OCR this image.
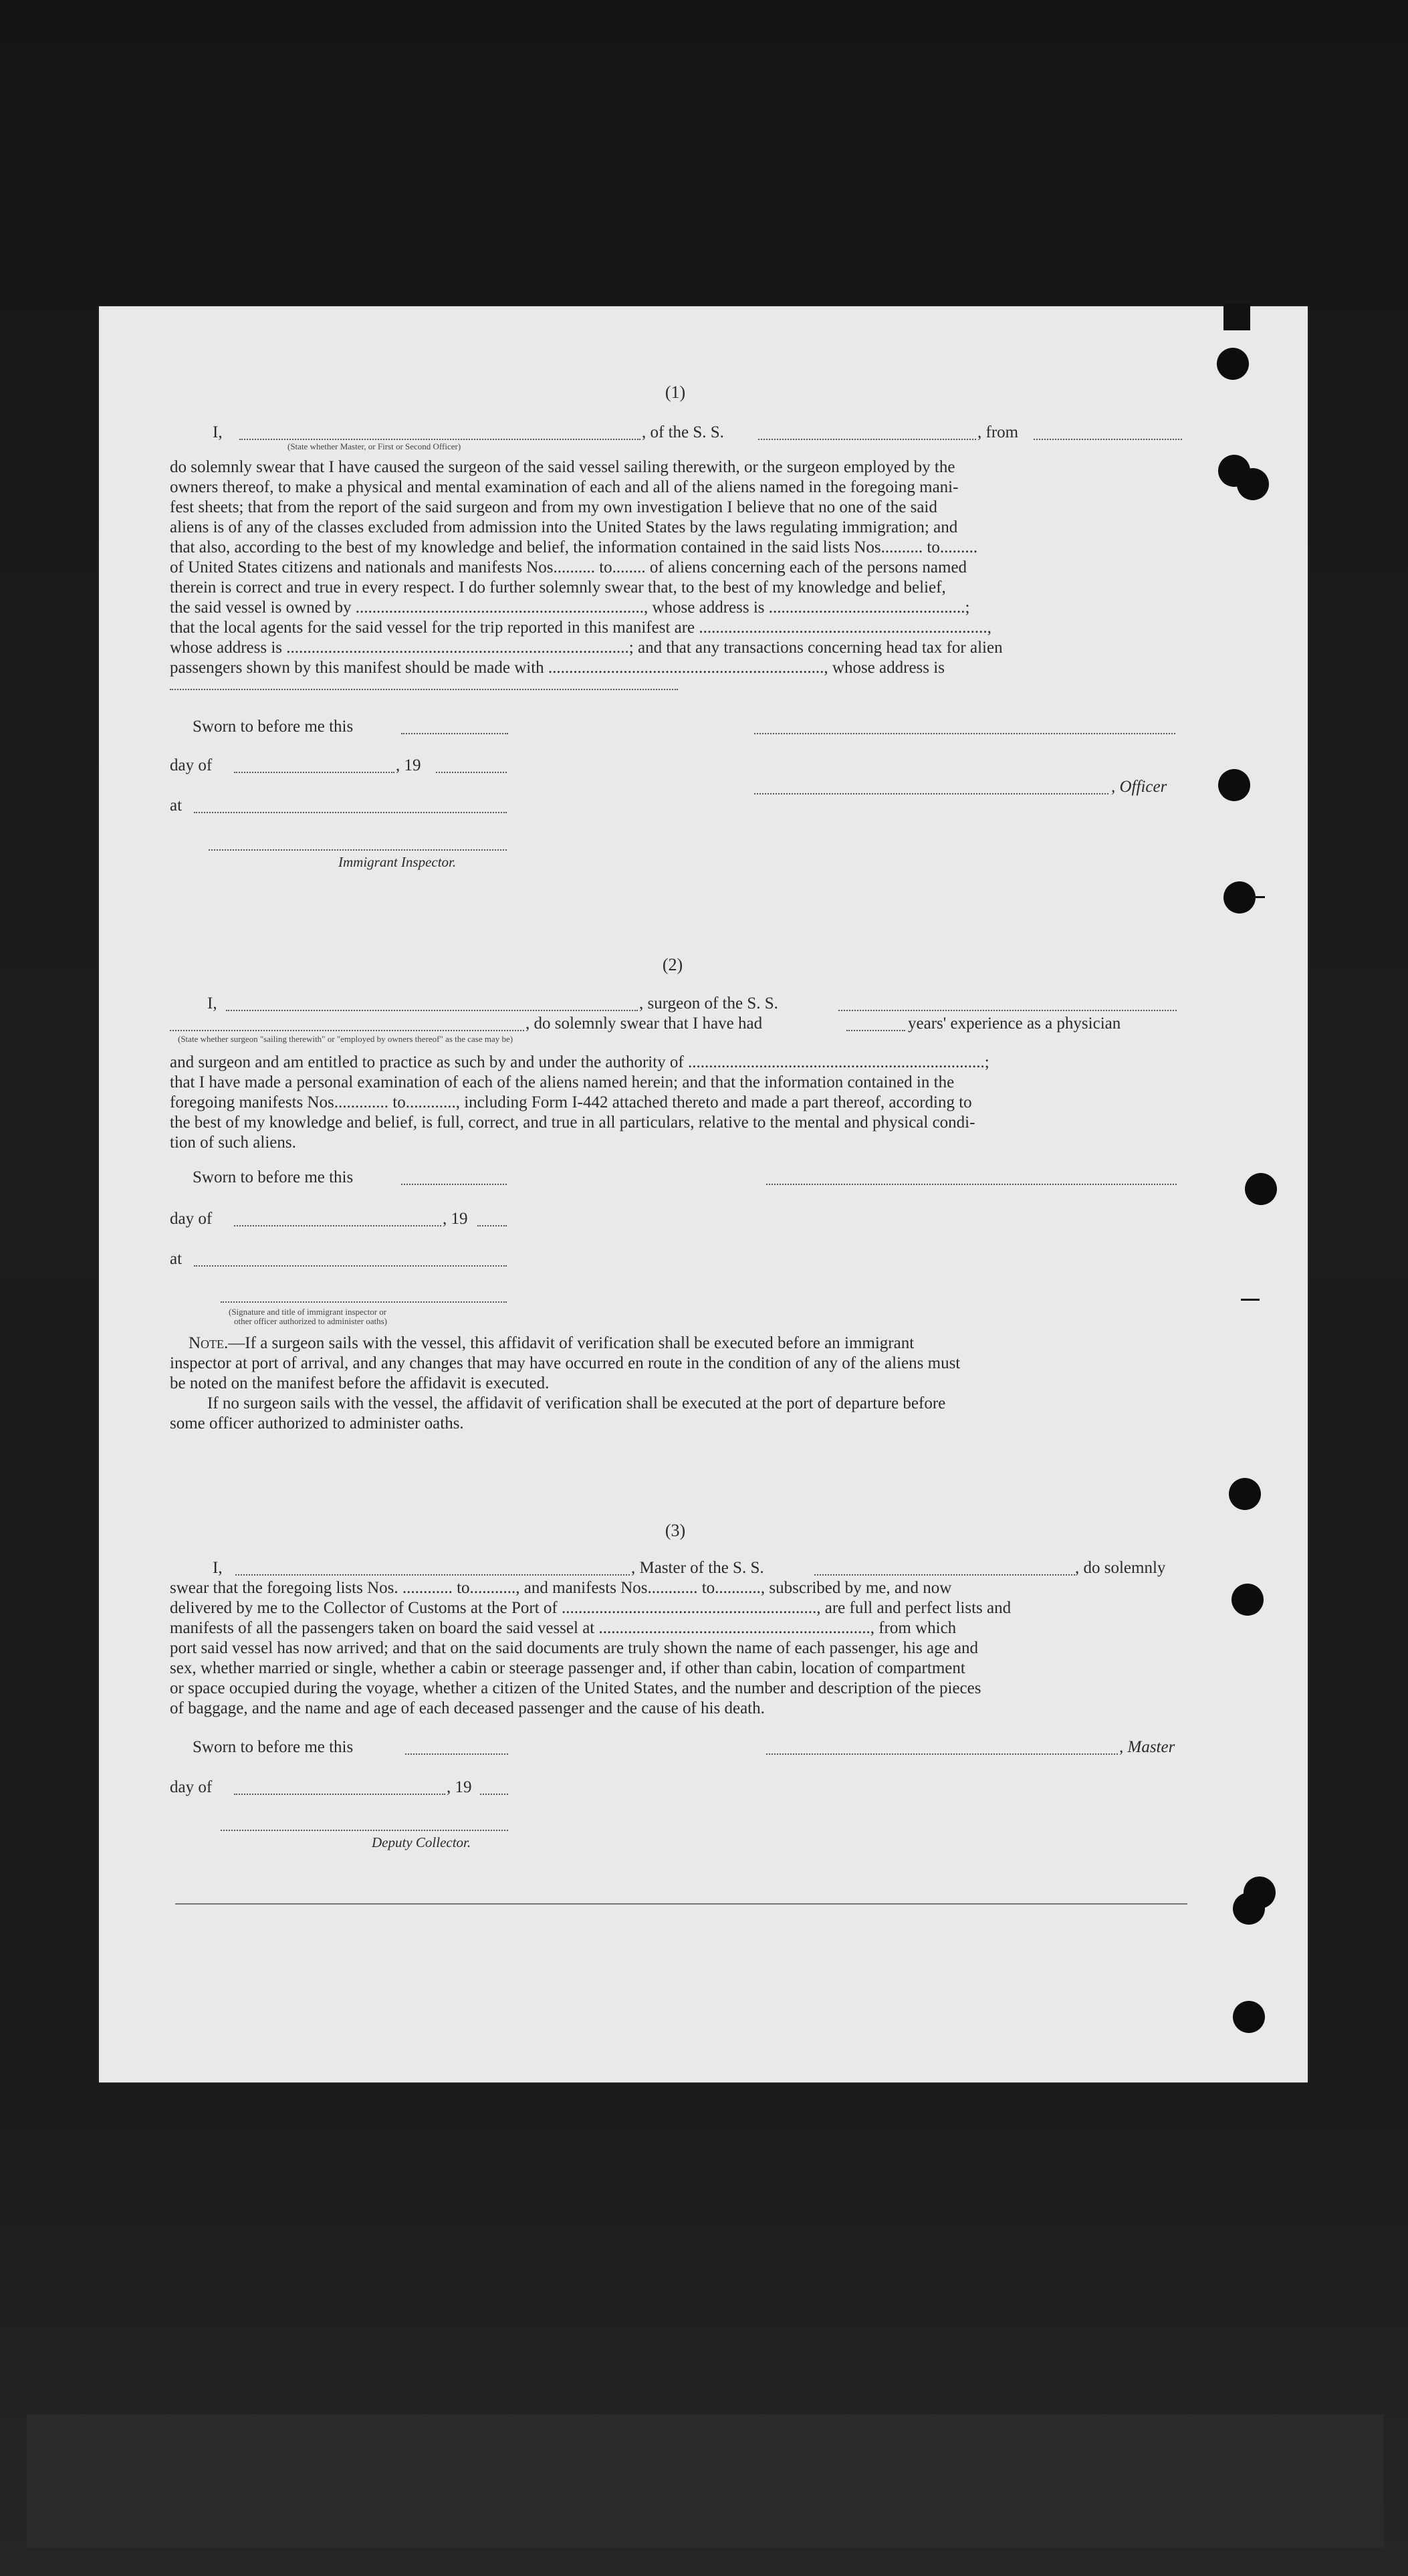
(1)
I,	, of the S. S.	, from
(State whether Master, or First or Second Officer)
do solemnly swear that I have caused the surgeon of the said vessel sailing therewith, or the surgeon employed by the
owners thereof, to make a physical and mental examination of each and all of the aliens named in the foregoing mani-
fest sheets; that from the report of the said surgeon and from my own investigation I believe that no one of the said
aliens is of any of the classes excluded from admission into the United States by the laws regulating immigration; and
that also, according to the best of my knowledge and belief, the information contained in the said lists Nos.......... to.........
of United States citizens and nationals and manifests Nos.......... to........ of aliens concerning each of the persons named
therein is correct and true in every respect. I do further solemnly swear that, to the best of my knowledge and belief,
the said vessel is owned by ....................................................................., whose address is ...............................................;
that the local agents for the said vessel for the trip reported in this manifest are .....................................................................,
whose address is ..................................................................................; and that any transactions concerning head tax for alien
passengers shown by this manifest should be made with .................................................................., whose address is
Sworn to before me this
day of	, 19
, Officer
at
Immigrant Inspector.
(2)
I,	, surgeon of the S. S.
, do solemnly swear that I have had	years' experience as a physician
(State whether surgeon "sailing therewith" or "employed by owners thereof" as the case may be)
and surgeon and am entitled to practice as such by and under the authority of .......................................................................;
that I have made a personal examination of each of the aliens named herein; and that the information contained in the
foregoing manifests Nos............. to............, including Form I-442 attached thereto and made a part thereof, according to
the best of my knowledge and belief, is full, correct, and true in all particulars, relative to the mental and physical condi-
tion of such aliens.
Sworn to before me this
day of	, 19
at
(Signature and title of immigrant inspector or
other officer authorized to administer oaths)
Note.—If a surgeon sails with the vessel, this affidavit of verification shall be executed before an immigrant
inspector at port of arrival, and any changes that may have occurred en route in the condition of any of the aliens must
be noted on the manifest before the affidavit is executed.
If no surgeon sails with the vessel, the affidavit of verification shall be executed at the port of departure before
some officer authorized to administer oaths.
(3)
I,	, Master of the S. S.	, do solemnly
swear that the foregoing lists Nos. ............ to..........., and manifests Nos............ to..........., subscribed by me, and now
delivered by me to the Collector of Customs at the Port of ............................................................., are full and perfect lists and
manifests of all the passengers taken on board the said vessel at ................................................................., from which
port said vessel has now arrived; and that on the said documents are truly shown the name of each passenger, his age and
sex, whether married or single, whether a cabin or steerage passenger and, if other than cabin, location of compartment
or space occupied during the voyage, whether a citizen of the United States, and the number and description of the pieces
of baggage, and the name and age of each deceased passenger and the cause of his death.
Sworn to before me this	, Master
day of	, 19
Deputy Collector.
